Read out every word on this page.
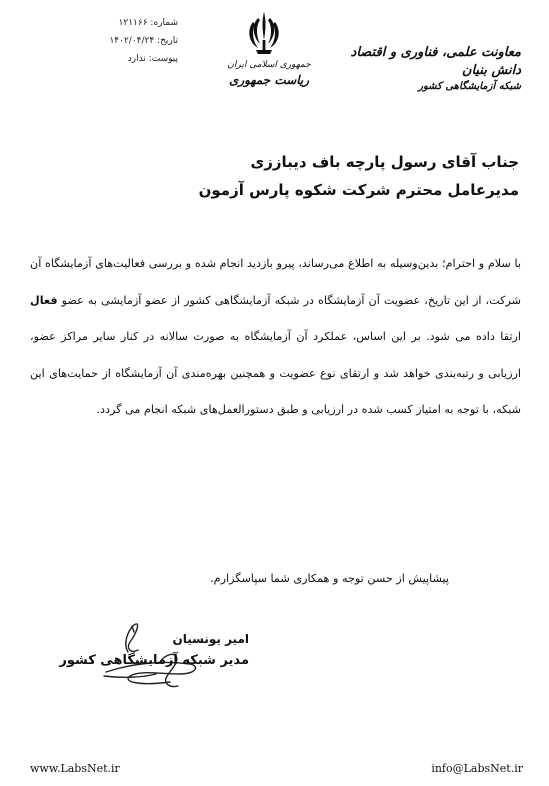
شماره: ۱۲۱۱۶۶
تاریخ: ۱۴۰۲/۰۴/۲۴
پیوست: ندارد
جمهوری اسلامی ایران
ریاست جمهوری
معاونت علمی، فناوری و اقتصاد دانش بنیان
شبکه آزمایشگاهی کشور
جناب آقای رسول پارچه باف دیباززی
مدیرعامل محترم شرکت شکوه پارس آزمون
با سلام و احترام؛ بدین‌وسیله به اطلاع می‌رساند، پیرو بازدید انجام شده و بررسی فعالیت‌های آزمایشگاه آن شرکت، از این تاریخ، عضویت آن آزمایشگاه در شبکه آزمایشگاهی کشور از عضو آزمایشی به عضو فعال ارتقا داده می شود. بر این اساس، عملکرد آن آزمایشگاه به صورت سالانه در کنار سایر مراکز عضو، ارزیابی و رتبه‌بندی خواهد شد و ارتقای نوع عضویت و همچنین بهره‌مندی آن آزمایشگاه از حمایت‌های این شبکه، با توجه به امتیاز کسب شده در ارزیابی و طبق دستورالعمل‌های شبکه انجام می گردد.
پیشاپیش از حسن توجه و همکاری شما سپاسگزارم.
امیر یونسیان
مدیر شبکه آزمایشگاهی کشور
www.LabsNet.ir	info@LabsNet.ir
